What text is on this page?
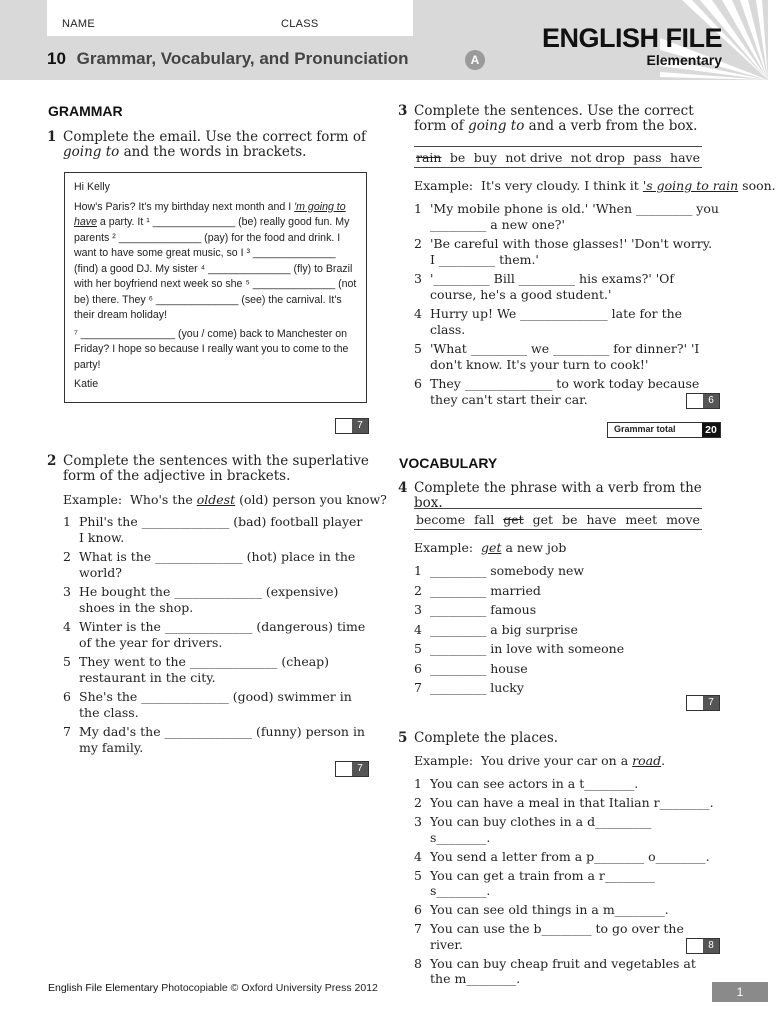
NAME	CLASS
10 Grammar, Vocabulary, and Pronunciation	A
ENGLISH FILE
Elementary
GRAMMAR
1 Complete the email. Use the correct form of going to and the words in brackets.

Hi Kelly

How's Paris? It's my birthday next month and I 'm going to have a party. It ¹ ______________ (be) really good fun. My parents ² ______________ (pay) for the food and drink. I want to have some great music, so I ³ ______________ (find) a good DJ. My sister ⁴ ______________ (fly) to Brazil with her boyfriend next week so she ⁵ ______________ (not be) there. They ⁶ ______________ (see) the carnival. It's their dream holiday!

⁷ ________________ (you / come) back to Manchester on Friday? I hope so because I really want you to come to the party!

Katie

7
2 Complete the sentences with the superlative form of the adjective in brackets.
Example: Who's the oldest (old) person you know?
1 Phil's the ______________ (bad) football player I know.
2 What is the ______________ (hot) place in the world?
3 He bought the ______________ (expensive) shoes in the shop.
4 Winter is the ______________ (dangerous) time of the year for drivers.
5 They went to the ______________ (cheap) restaurant in the city.
6 She's the ______________ (good) swimmer in the class.
7 My dad's the ______________ (funny) person in my family.
7
3 Complete the sentences. Use the correct form of going to and a verb from the box.
rain be buy not drive not drop pass have
Example: It's very cloudy. I think it 's going to rain soon.
1 'My mobile phone is old.' 'When _________ you _________ a new one?'
2 'Be careful with those glasses!' 'Don't worry. I _________ them.'
3 '_________ Bill _________ his exams?' 'Of course, he's a good student.'
4 Hurry up! We ______________ late for the class.
5 'What _________ we _________ for dinner?' 'I don't know. It's your turn to cook!'
6 They ______________ to work today because they can't start their car.	6
Grammar total	20
VOCABULARY
4 Complete the phrase with a verb from the box.
become fall get get be have meet move
Example: get a new job
1 _________ somebody new
2 _________ married
3 _________ famous
4 _________ a big surprise
5 _________ in love with someone
6 _________ house
7 _________ lucky
7
5 Complete the places.
Example: You drive your car on a road.
1 You can see actors in a t________.
2 You can have a meal in that Italian r________.
3 You can buy clothes in a d_________ s________.
4 You send a letter from a p________ o________.
5 You can get a train from a r________ s________.
6 You can see old things in a m________.
7 You can use the b________ to go over the river.
8 You can buy cheap fruit and vegetables at the m________.
8
English File Elementary Photocopiable © Oxford University Press 2012	1
